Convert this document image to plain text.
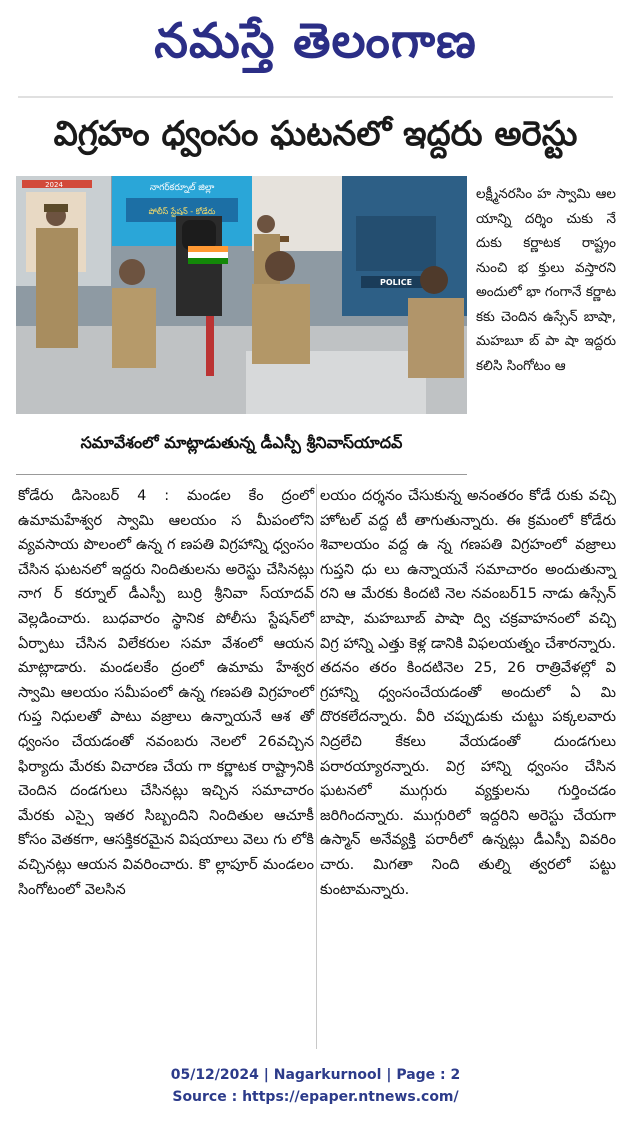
నమస్తే తెలంగాణ
విగ్రహం ధ్వంసం ఘటనలో ఇద్దరు అరెస్టు
2024	నాగర్‌కర్నూల్ జిల్లా
పోలీస్ స్టేషన్ - కోడేరు
POLICE
సమావేశంలో మాట్లాడుతున్న డీఎస్పీ శ్రీనివాస్‌యాదవ్

లక్ష్మీనరసిం హ స్వామి ఆల యాన్ని దర్శిం చుకు నే దుకు కర్ణాటక రాష్ట్రం నుంచి భ క్తులు వస్తారని అందులో భా గంగానే కర్ణాట కకు చెందిన ఉస్సేన్ బాషా, మహబూ బ్ పా షా ఇద్దరు కలిసి సింగోటం ఆ

కోడేరు డిసెంబర్ 4 : మండల కేం ద్రంలో ఉమామహేశ్వర స్వామి ఆలయం స మీపంలోని వ్యవసాయ పొలంలో ఉన్న గ ణపతి విగ్రహాన్ని ధ్వంసం చేసిన ఘటనలో ఇద్దరు నిందితులను అరెస్టు చేసినట్లు నాగ ర్ కర్నూల్ డీఎస్పీ బుర్రి శ్రీనివా స్‌యాదవ్ వెల్లడించారు. బుధవారం స్థానిక పోలీసు స్టేషన్‌లో ఏర్పాటు చేసిన విలేకరుల సమా వేశంలో ఆయన మాట్లాడారు. మండలకేం ద్రంలో ఉమామ హేశ్వర స్వామి ఆలయం సమీపంలో ఉన్న గణపతి విగ్రహంలో గుప్త నిధులతో పాటు వజ్రాలు ఉన్నాయనే ఆశ తో ధ్వంసం చేయడంతో నవంబరు నెలలో 26వచ్చిన ఫిర్యాదు మేరకు విచారణ చేయ గా కర్ణాటక రాష్ట్రానికి చెందిన దండగులు చేసినట్లు ఇచ్చిన సమాచారం మేరకు ఎస్సై ఇతర సిబ్బందిని నిందితుల ఆచూకీ కోసం వెతకగా, ఆసక్తికరమైన విషయాలు వెలు గు లోకి వచ్చినట్లు ఆయన వివరించారు. కొ ల్లాపూర్ మండలం సింగోటంలో వెలసిన

లయం దర్శనం చేసుకున్న అనంతరం కోడే రుకు వచ్చి హోటల్ వద్ద టీ తాగుతున్నారు. ఈ క్రమంలో కోడేరు శివాలయం వద్ద ఉ న్న గణపతి విగ్రహంలో వజ్రాలు గుప్తని ధు లు ఉన్నాయనే సమాచారం అందుతున్నా రని ఆ మేరకు కిందటి నెల నవంబర్15 నాడు ఉస్సేన్ బాషా, మహబూబ్ పాషా ద్వి చక్రవాహనంలో వచ్చి విగ్ర హాన్ని ఎత్తు కెళ్ల డానికి విఫలయత్నం చేశారన్నారు. తదనం తరం కిందటినెల 25, 26 రాత్రివేళల్లో వి గ్రహాన్ని ధ్వంసంచేయడంతో అందులో ఏ మి దొరకలేదన్నారు. వీరి చప్పుడుకు చుట్టు పక్కలవారు నిద్రలేచి కేకలు వేయడంతో దుండగులు పరారయ్యారన్నారు. విగ్ర హాన్ని ధ్వంసం చేసిన ఘటనలో ముగ్గురు వ్యక్తులను గుర్తించడం జరిగిందన్నారు. ముగ్గురిలో ఇద్దరిని అరెస్టు చేయగా ఉస్మాన్ అనేవ్యక్తి పరారీలో ఉన్నట్లు డీఎస్పీ వివరిం చారు. మిగతా నింది తుల్ని త్వరలో పట్టు కుంటామన్నారు.

05/12/2024 | Nagarkurnool | Page : 2
Source : https://epaper.ntnews.com/
